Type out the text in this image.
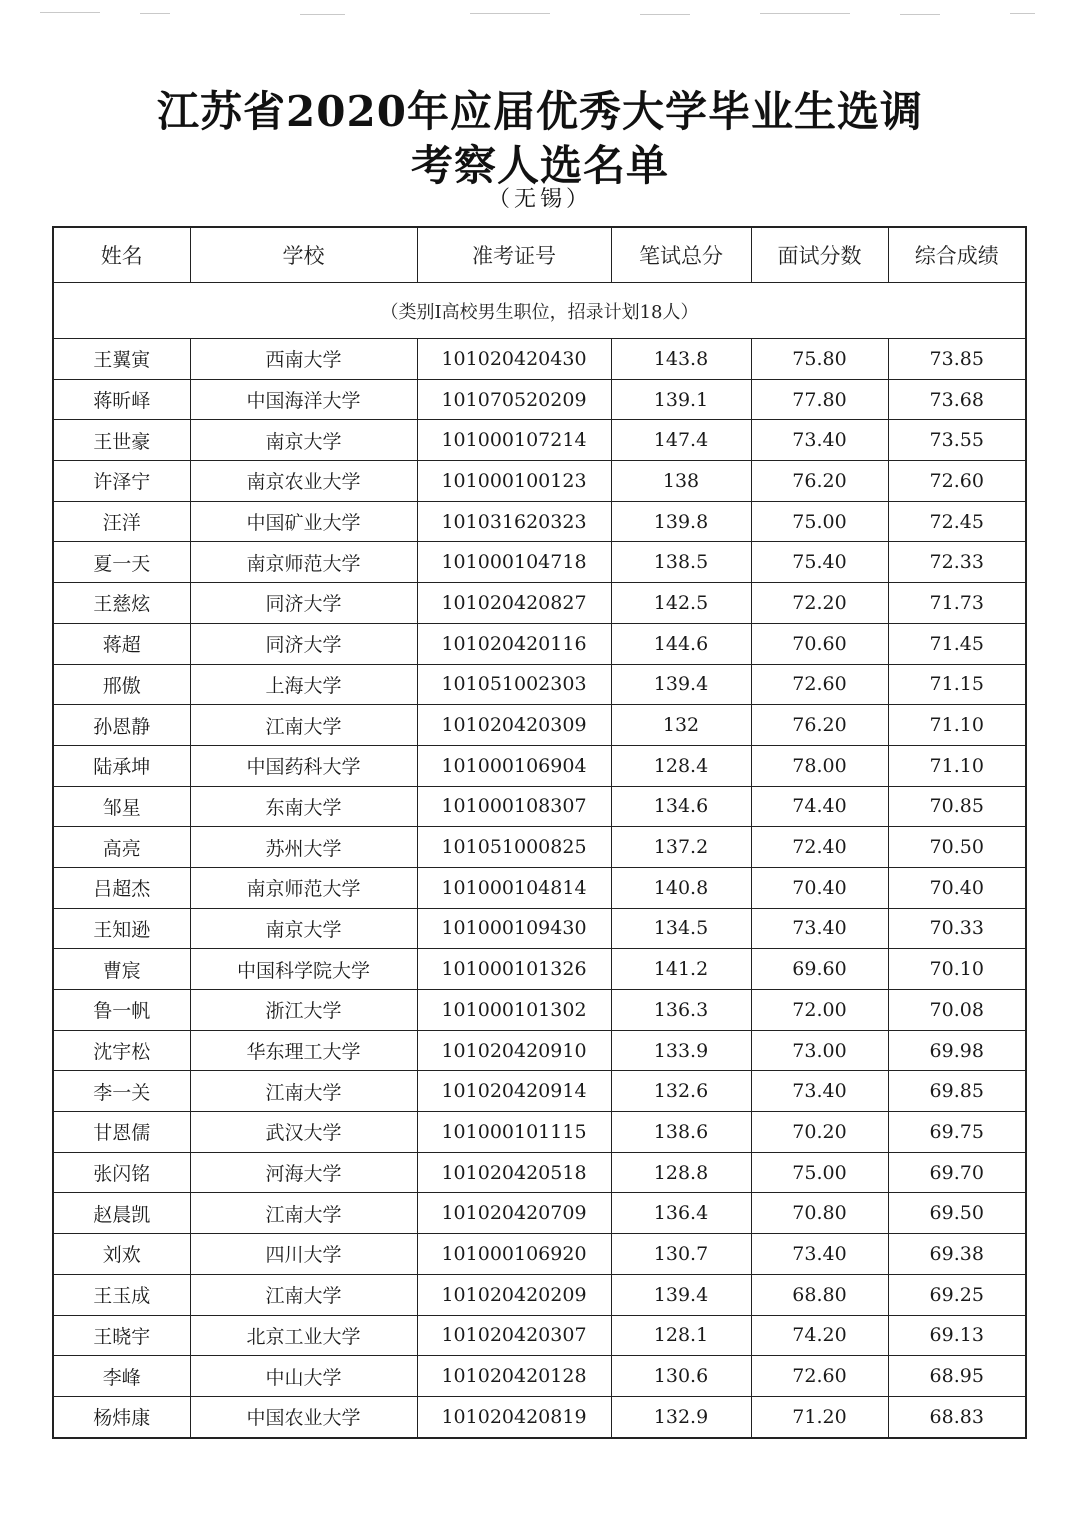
江苏省2020年应届优秀大学毕业生选调
考察人选名单
（无锡）
姓名	学校	准考证号	笔试总分	面试分数	综合成绩
（类别I高校男生职位，招录计划18人）					
王翼寅	西南大学	101020420430	143.8	75.80	73.85
蒋昕峄	中国海洋大学	101070520209	139.1	77.80	73.68
王世豪	南京大学	101000107214	147.4	73.40	73.55
许泽宁	南京农业大学	101000100123	138	76.20	72.60
汪洋	中国矿业大学	101031620323	139.8	75.00	72.45
夏一天	南京师范大学	101000104718	138.5	75.40	72.33
王慈炫	同济大学	101020420827	142.5	72.20	71.73
蒋超	同济大学	101020420116	144.6	70.60	71.45
邢傲	上海大学	101051002303	139.4	72.60	71.15
孙恩静	江南大学	101020420309	132	76.20	71.10
陆承坤	中国药科大学	101000106904	128.4	78.00	71.10
邹星	东南大学	101000108307	134.6	74.40	70.85
高亮	苏州大学	101051000825	137.2	72.40	70.50
吕超杰	南京师范大学	101000104814	140.8	70.40	70.40
王知逊	南京大学	101000109430	134.5	73.40	70.33
曹宸	中国科学院大学	101000101326	141.2	69.60	70.10
鲁一帆	浙江大学	101000101302	136.3	72.00	70.08
沈宇松	华东理工大学	101020420910	133.9	73.00	69.98
李一关	江南大学	101020420914	132.6	73.40	69.85
甘恩儒	武汉大学	101000101115	138.6	70.20	69.75
张闪铭	河海大学	101020420518	128.8	75.00	69.70
赵晨凯	江南大学	101020420709	136.4	70.80	69.50
刘欢	四川大学	101000106920	130.7	73.40	69.38
王玉成	江南大学	101020420209	139.4	68.80	69.25
王晓宇	北京工业大学	101020420307	128.1	74.20	69.13
李峰	中山大学	101020420128	130.6	72.60	68.95
杨炜康	中国农业大学	101020420819	132.9	71.20	68.83
